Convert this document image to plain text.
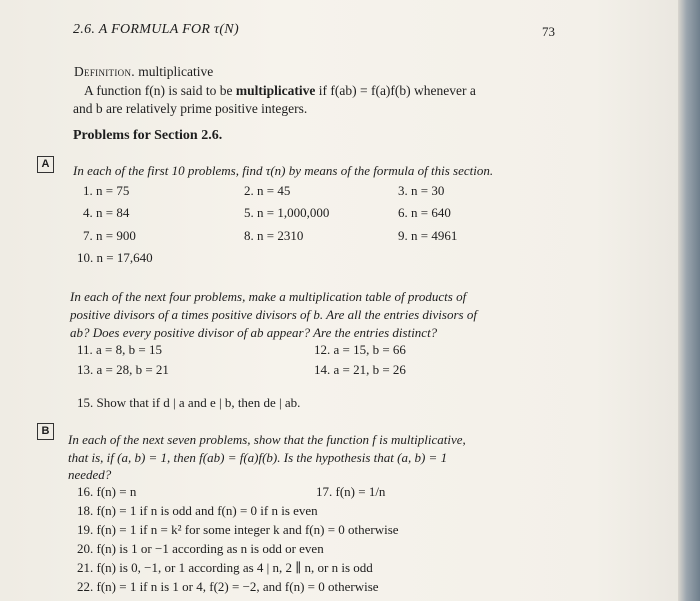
2.6. A FORMULA FOR τ(N)	73
Definition. multiplicative
A function f(n) is said to be multiplicative if f(ab) = f(a)f(b) whenever a
and b are relatively prime positive integers.
Problems for Section 2.6.
A	In each of the first 10 problems, find τ(n) by means of the formula of this section.
1. n = 75	2. n = 45	3. n = 30
4. n = 84	5. n = 1,000,000	6. n = 640
7. n = 900	8. n = 2310	9. n = 4961
10. n = 17,640
In each of the next four problems, make a multiplication table of products of
positive divisors of a times positive divisors of b. Are all the entries divisors of
ab? Does every positive divisor of ab appear? Are the entries distinct?
11. a = 8, b = 15	12. a = 15, b = 66
13. a = 28, b = 21	14. a = 21, b = 26
15. Show that if d | a and e | b, then de | ab.
B
In each of the next seven problems, show that the function f is multiplicative,
that is, if (a, b) = 1, then f(ab) = f(a)f(b). Is the hypothesis that (a, b) = 1
needed?
16. f(n) = n	17. f(n) = 1/n
18. f(n) = 1 if n is odd and f(n) = 0 if n is even
19. f(n) = 1 if n = k² for some integer k and f(n) = 0 otherwise
20. f(n) is 1 or −1 according as n is odd or even
21. f(n) is 0, −1, or 1 according as 4 | n, 2 ∥ n, or n is odd
22. f(n) = 1 if n is 1 or 4, f(2) = −2, and f(n) = 0 otherwise
